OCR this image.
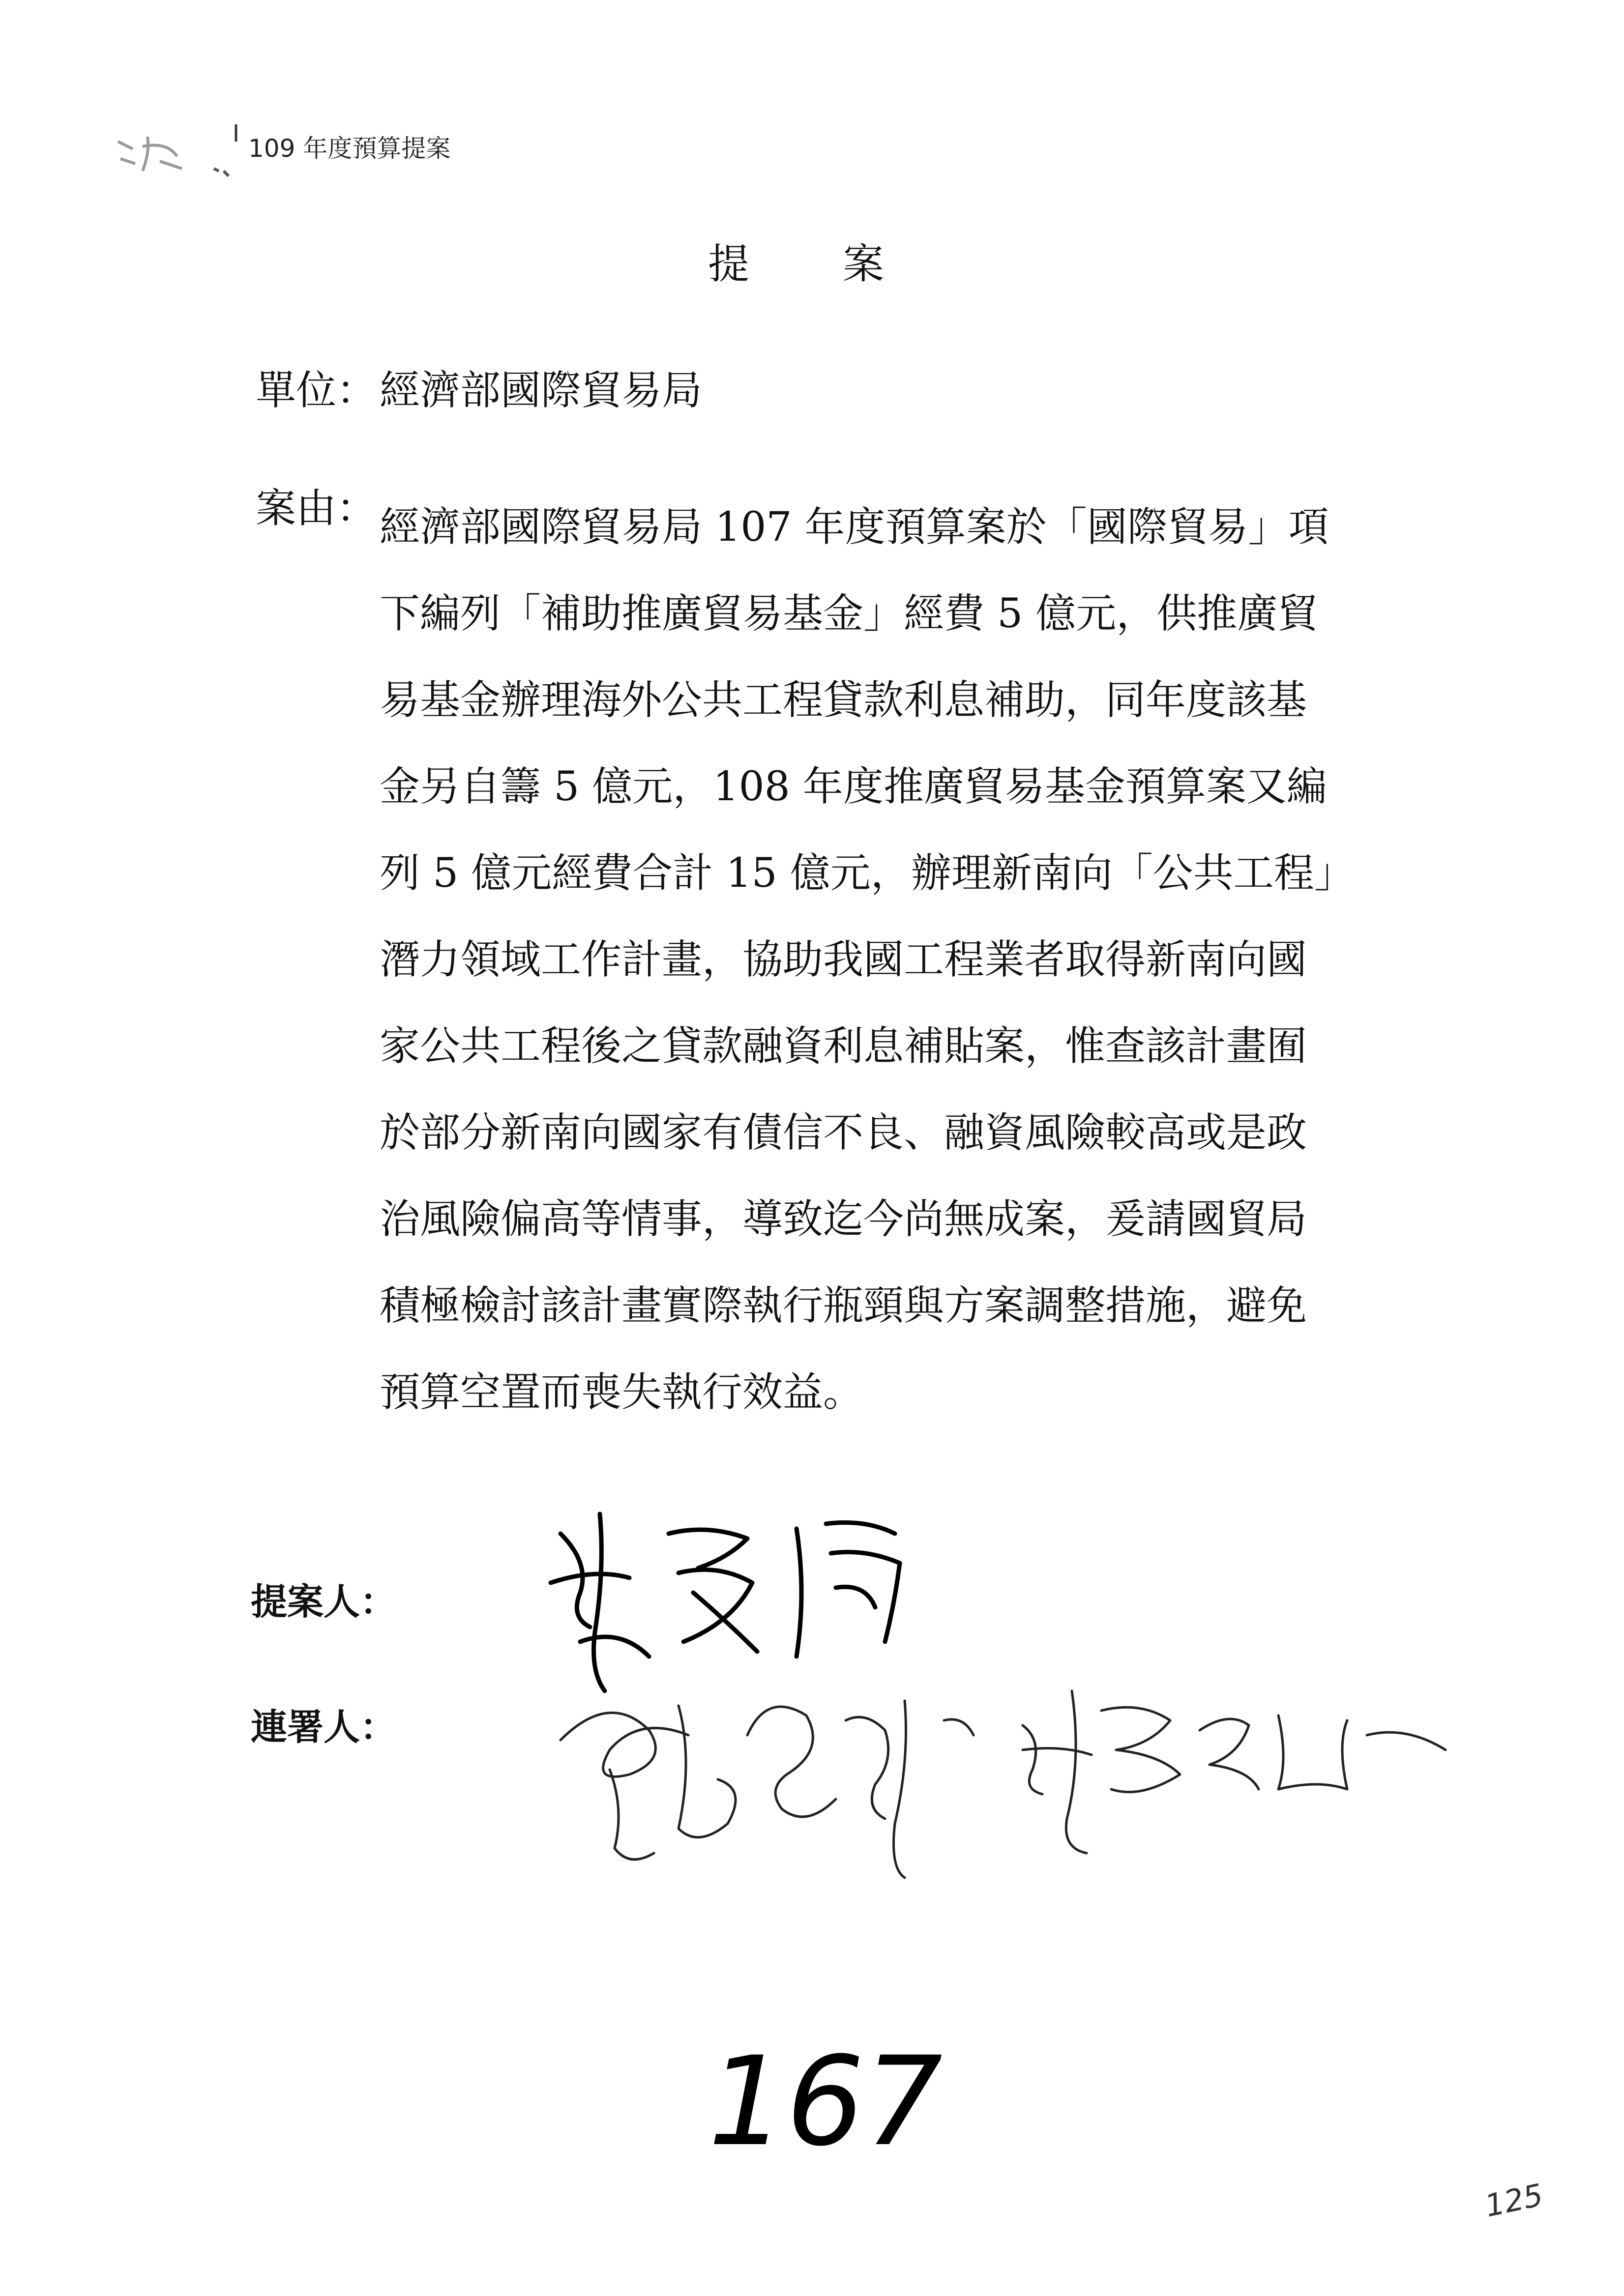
109 年度預算提案
提案
單位：經濟部國際貿易局
案由： 經濟部國際貿易局 107 年度預算案於「國際貿易」項
下編列「補助推廣貿易基金」經費 5 億元，供推廣貿
易基金辦理海外公共工程貸款利息補助，同年度該基
金另自籌 5 億元，108 年度推廣貿易基金預算案又編
列 5 億元經費合計 15 億元，辦理新南向「公共工程」
潛力領域工作計畫，協助我國工程業者取得新南向國
家公共工程後之貸款融資利息補貼案，惟查該計畫囿
於部分新南向國家有債信不良、融資風險較高或是政
治風險偏高等情事，導致迄今尚無成案，爰請國貿局
積極檢討該計畫實際執行瓶頸與方案調整措施，避免
預算空置而喪失執行效益。
提案人：
連署人：
167
125
